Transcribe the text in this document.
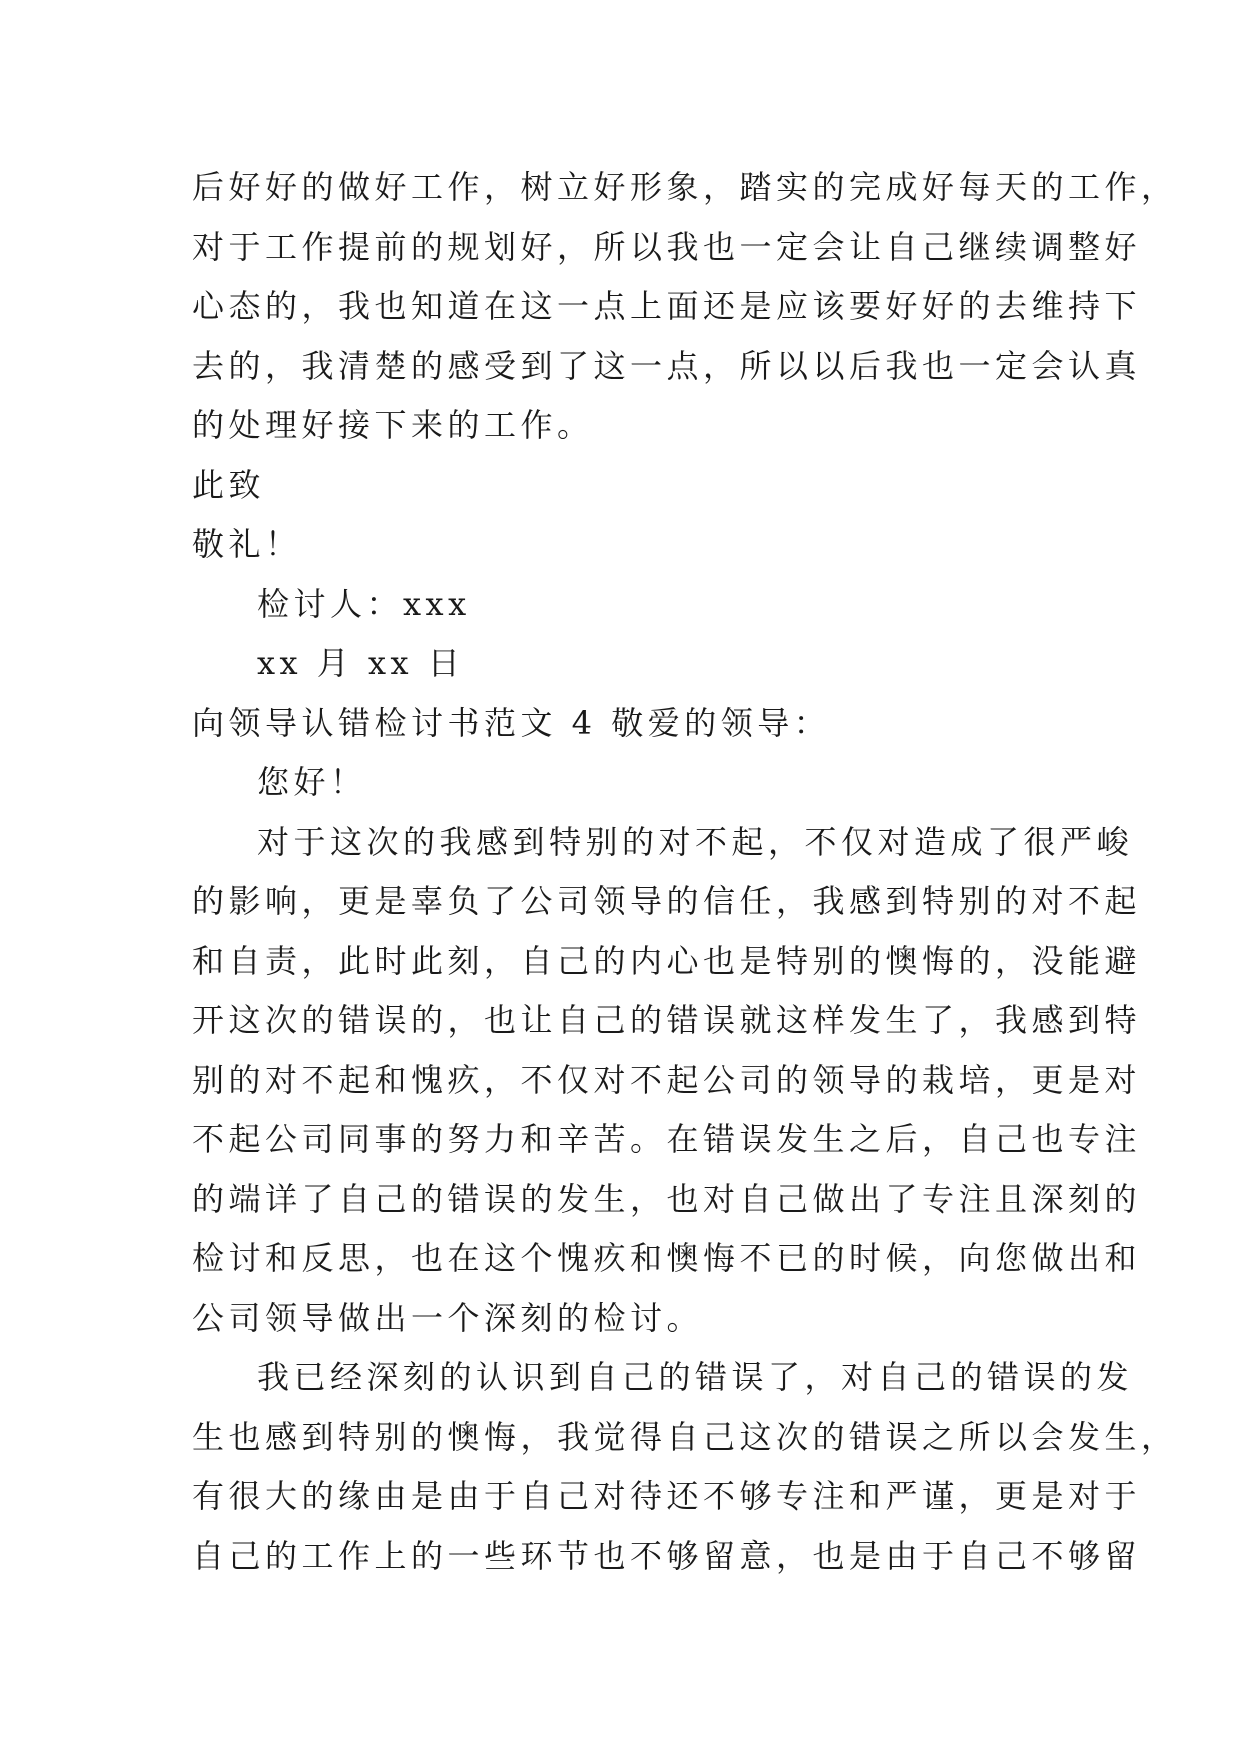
后好好的做好工作，树立好形象，踏实的完成好每天的工作，
对于工作提前的规划好，所以我也一定会让自己继续调整好
心态的，我也知道在这一点上面还是应该要好好的去维持下
去的，我清楚的感受到了这一点，所以以后我也一定会认真
的处理好接下来的工作。
此致
敬礼！
检讨人：xxx
xx 月 xx 日
向领导认错检讨书范文 4 敬爱的领导：
您好！
对于这次的我感到特别的对不起，不仅对造成了很严峻
的影响，更是辜负了公司领导的信任，我感到特别的对不起
和自责，此时此刻，自己的内心也是特别的懊悔的，没能避
开这次的错误的，也让自己的错误就这样发生了，我感到特
别的对不起和愧疚，不仅对不起公司的领导的栽培，更是对
不起公司同事的努力和辛苦。在错误发生之后，自己也专注
的端详了自己的错误的发生，也对自己做出了专注且深刻的
检讨和反思，也在这个愧疚和懊悔不已的时候，向您做出和
公司领导做出一个深刻的检讨。
我已经深刻的认识到自己的错误了，对自己的错误的发
生也感到特别的懊悔，我觉得自己这次的错误之所以会发生，
有很大的缘由是由于自己对待还不够专注和严谨，更是对于
自己的工作上的一些环节也不够留意，也是由于自己不够留
